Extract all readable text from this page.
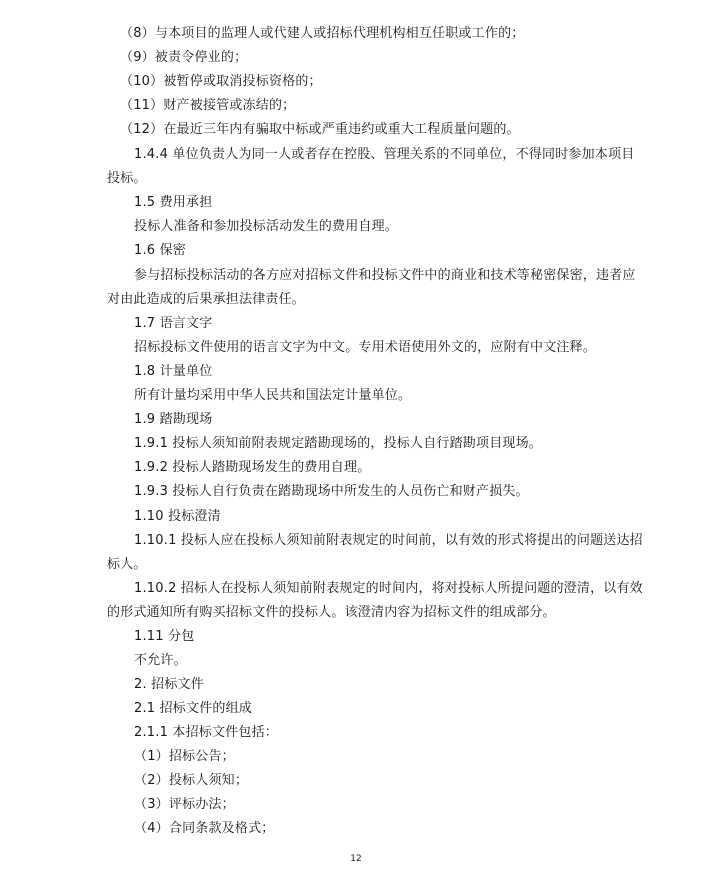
（8）与本项目的监理人或代建人或招标代理机构相互任职或工作的；
（9）被责令停业的；
（10）被暂停或取消投标资格的；
（11）财产被接管或冻结的；
（12）在最近三年内有骗取中标或严重违约或重大工程质量问题的。
1.4.4 单位负责人为同一人或者存在控股、管理关系的不同单位，不得同时参加本项目
投标。
1.5 费用承担
投标人准备和参加投标活动发生的费用自理。
1.6 保密
参与招标投标活动的各方应对招标文件和投标文件中的商业和技术等秘密保密，违者应
对由此造成的后果承担法律责任。
1.7 语言文字
招标投标文件使用的语言文字为中文。专用术语使用外文的，应附有中文注释。
1.8 计量单位
所有计量均采用中华人民共和国法定计量单位。
1.9 踏勘现场
1.9.1 投标人须知前附表规定踏勘现场的，投标人自行踏勘项目现场。
1.9.2 投标人踏勘现场发生的费用自理。
1.9.3 投标人自行负责在踏勘现场中所发生的人员伤亡和财产损失。
1.10 投标澄清
1.10.1 投标人应在投标人须知前附表规定的时间前，以有效的形式将提出的问题送达招
标人。
1.10.2 招标人在投标人须知前附表规定的时间内，将对投标人所提问题的澄清，以有效
的形式通知所有购买招标文件的投标人。该澄清内容为招标文件的组成部分。
1.11 分包
不允许。
2. 招标文件
2.1 招标文件的组成
2.1.1 本招标文件包括：
（1）招标公告；
（2）投标人须知；
（3）评标办法；
（4）合同条款及格式；
12
